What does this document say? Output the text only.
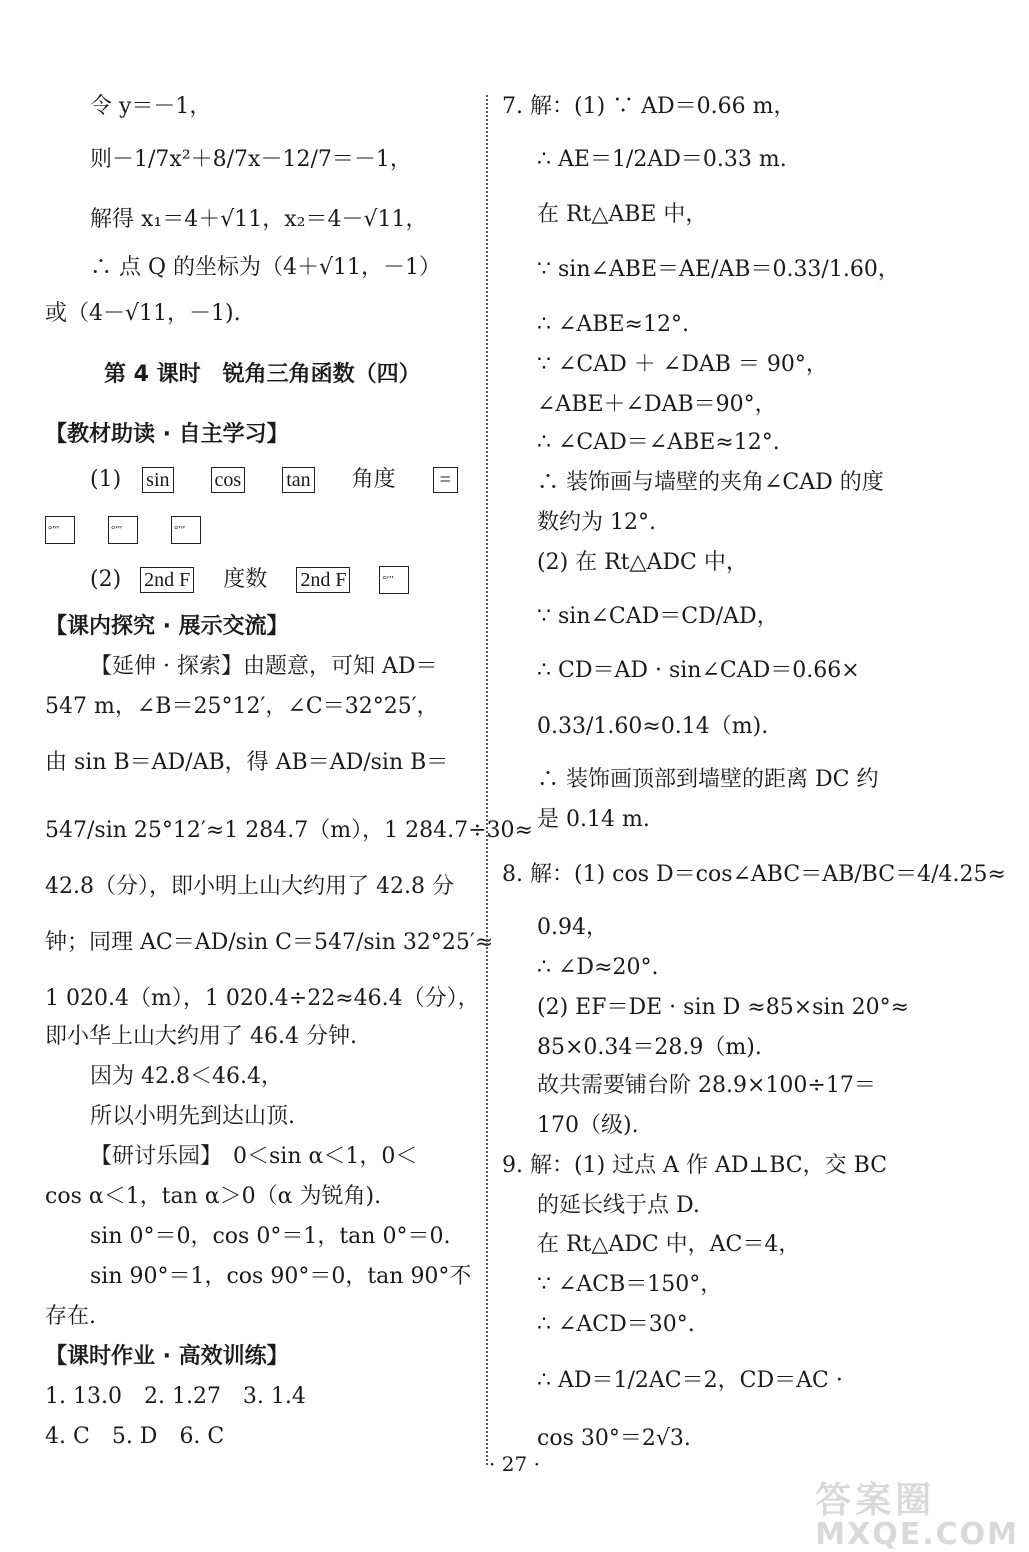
令 y＝－1，
则－1/7x²＋8/7x－12/7＝－1，
解得 x₁＝4＋√11，x₂＝4－√11，
∴ 点 Q 的坐标为（4＋√11，－1）
或（4－√11，－1).
第 4 课时　锐角三角函数（四）
【教材助读 · 自主学习】
(1) sin cos tan 角度 =
°′″	°′″	°′″
(2) 2nd F 度数 2nd F	°′″
【课内探究 · 展示交流】
【延伸 · 探索】由题意，可知 AD＝
547 m，∠B＝25°12′，∠C＝32°25′，
由 sin B＝AD/AB，得 AB＝AD/sin B＝
547/sin 25°12′≈1 284.7（m），1 284.7÷30≈
42.8（分），即小明上山大约用了 42.8 分
钟；同理 AC＝AD/sin C＝547/sin 32°25′≈
1 020.4（m），1 020.4÷22≈46.4（分），
即小华上山大约用了 46.4 分钟.
因为 42.8＜46.4，
所以小明先到达山顶.
【研讨乐园】　0＜sin α＜1，0＜
cos α＜1，tan α＞0（α 为锐角).
sin 0°＝0，cos 0°＝1，tan 0°＝0.
sin 90°＝1，cos 90°＝0，tan 90°不
存在.
【课时作业 · 高效训练】
1. 13.0　2. 1.27　3. 1.4
4. C　5. D　6. C
7. 解：(1) ∵ AD＝0.66 m，
∴ AE＝1/2AD＝0.33 m.
在 Rt△ABE 中，
∵ sin∠ABE＝AE/AB＝0.33/1.60，
∴ ∠ABE≈12°.
∵ ∠CAD ＋ ∠DAB ＝ 90°，
∠ABE＋∠DAB＝90°，
∴ ∠CAD＝∠ABE≈12°.
∴ 装饰画与墙壁的夹角∠CAD 的度
数约为 12°.
(2) 在 Rt△ADC 中，
∵ sin∠CAD＝CD/AD，
∴ CD＝AD · sin∠CAD＝0.66×
0.33/1.60≈0.14（m).
∴ 装饰画顶部到墙壁的距离 DC 约
是 0.14 m.
8. 解：(1) cos D＝cos∠ABC＝AB/BC＝4/4.25≈
0.94，
∴ ∠D≈20°.
(2) EF＝DE · sin D ≈85×sin 20°≈
85×0.34＝28.9（m).
故共需要铺台阶 28.9×100÷17＝
170（级).
9. 解：(1) 过点 A 作 AD⊥BC，交 BC
的延长线于点 D.
在 Rt△ADC 中，AC＝4，
∵ ∠ACB＝150°，
∴ ∠ACD＝30°.
∴ AD＝1/2AC＝2，CD＝AC ·
cos 30°＝2√3.
· 27 ·
答案圈
MXQE.COM
